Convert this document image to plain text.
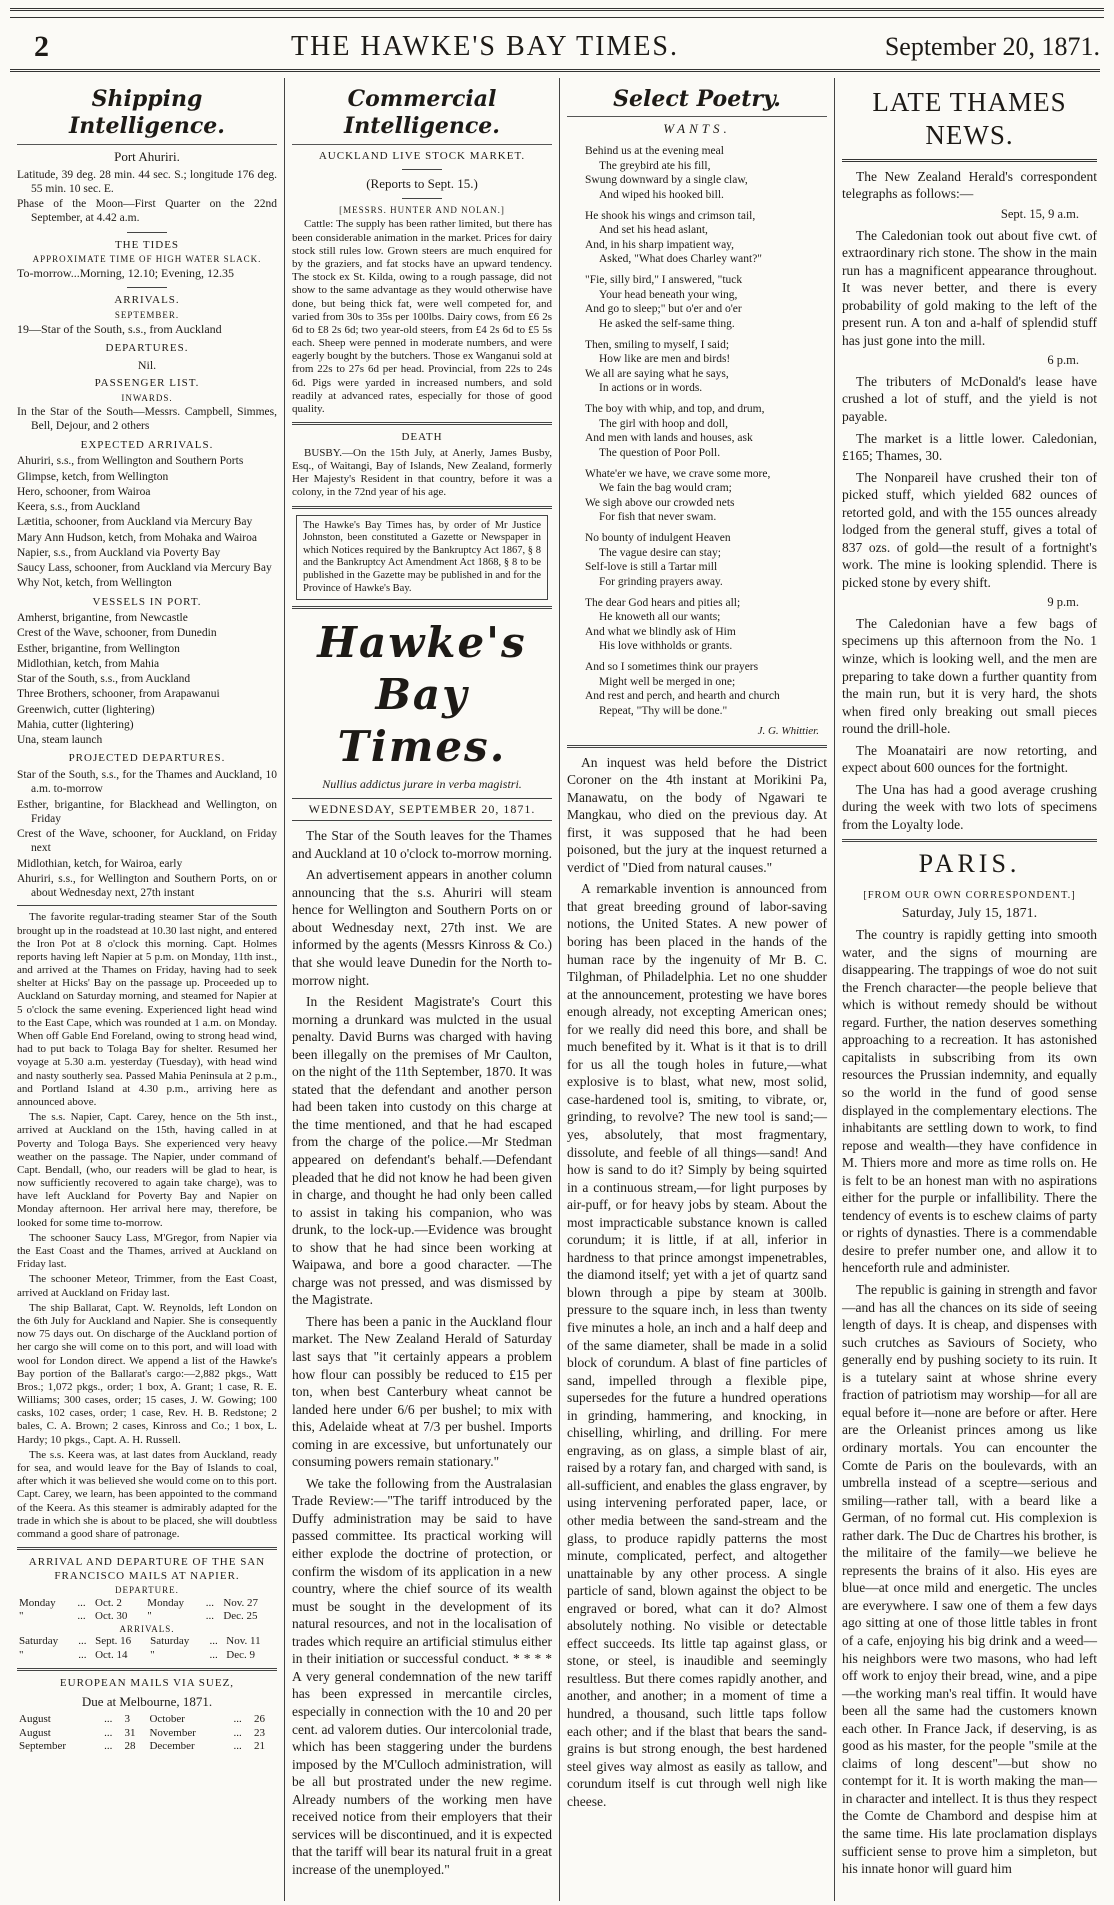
2	THE HAWKE'S BAY TIMES.	September 20, 1871.
Shipping Intelligence.
Port Ahuriri.
Latitude, 39 deg. 28 min. 44 sec. S.; longitude 176 deg. 55 min. 10 sec. E.
Phase of the Moon—First Quarter on the 22nd September, at 4.42 a.m.
THE TIDES
APPROXIMATE TIME OF HIGH WATER SLACK.
To-morrow...Morning, 12.10; Evening, 12.35
ARRIVALS.
SEPTEMBER.
19—Star of the South, s.s., from Auckland
DEPARTURES.
Nil.
PASSENGER LIST.
INWARDS.
In the Star of the South—Messrs. Campbell, Simmes, Bell, Dejour, and 2 others
EXPECTED ARRIVALS.
Ahuriri, s.s., from Wellington and Southern Ports
Glimpse, ketch, from Wellington
Hero, schooner, from Wairoa
Keera, s.s., from Auckland
Lætitia, schooner, from Auckland via Mercury Bay
Mary Ann Hudson, ketch, from Mohaka and Wairoa
Napier, s.s., from Auckland via Poverty Bay
Saucy Lass, schooner, from Auckland via Mercury Bay
Why Not, ketch, from Wellington
VESSELS IN PORT.
Amherst, brigantine, from Newcastle
Crest of the Wave, schooner, from Dunedin
Esther, brigantine, from Wellington
Midlothian, ketch, from Mahia
Star of the South, s.s., from Auckland
Three Brothers, schooner, from Arapawanui
Greenwich, cutter (lightering)
Mahia, cutter (lightering)
Una, steam launch
PROJECTED DEPARTURES.
Star of the South, s.s., for the Thames and Auckland, 10 a.m. to-morrow
Esther, brigantine, for Blackhead and Wellington, on Friday
Crest of the Wave, schooner, for Auckland, on Friday next
Midlothian, ketch, for Wairoa, early
Ahuriri, s.s., for Wellington and Southern Ports, on or about Wednesday next, 27th instant
The favorite regular-trading steamer Star of the South brought up in the roadstead at 10.30 last night, and entered the Iron Pot at 8 o'clock this morning. Capt. Holmes reports having left Napier at 5 p.m. on Monday, 11th inst., and arrived at the Thames on Friday, having had to seek shelter at Hicks' Bay on the passage up. Proceeded up to Auckland on Saturday morning, and steamed for Napier at 5 o'clock the same evening. Experienced light head wind to the East Cape, which was rounded at 1 a.m. on Monday. When off Gable End Foreland, owing to strong head wind, had to put back to Tolaga Bay for shelter. Resumed her voyage at 5.30 a.m. yesterday (Tuesday), with head wind and nasty southerly sea. Passed Mahia Peninsula at 2 p.m., and Portland Island at 4.30 p.m., arriving here as announced above.
The s.s. Napier, Capt. Carey, hence on the 5th inst., arrived at Auckland on the 15th, having called in at Poverty and Tologa Bays. She experienced very heavy weather on the passage. The Napier, under command of Capt. Bendall, (who, our readers will be glad to hear, is now sufficiently recovered to again take charge), was to have left Auckland for Poverty Bay and Napier on Monday afternoon. Her arrival here may, therefore, be looked for some time to-morrow.
The schooner Saucy Lass, M'Gregor, from Napier via the East Coast and the Thames, arrived at Auckland on Friday last.
The schooner Meteor, Trimmer, from the East Coast, arrived at Auckland on Friday last.
The ship Ballarat, Capt. W. Reynolds, left London on the 6th July for Auckland and Napier. She is consequently now 75 days out. On discharge of the Auckland portion of her cargo she will come on to this port, and will load with wool for London direct. We append a list of the Hawke's Bay portion of the Ballarat's cargo:—2,882 pkgs., Watt Bros.; 1,072 pkgs., order; 1 box, A. Grant; 1 case, R. E. Williams; 300 cases, order; 15 cases, J. W. Gowing; 100 casks, 102 cases, order; 1 case, Rev. H. B. Redstone; 2 bales, C. A. Brown; 2 cases, Kinross and Co.; 1 box, L. Hardy; 10 pkgs., Capt. A. H. Russell.
The s.s. Keera was, at last dates from Auckland, ready for sea, and would leave for the Bay of Islands to coal, after which it was believed she would come on to this port. Capt. Carey, we learn, has been appointed to the command of the Keera. As this steamer is admirably adapted for the trade in which she is about to be placed, she will doubtless command a good share of patronage.
ARRIVAL AND DEPARTURE OF THE SAN FRANCISCO MAILS AT NAPIER.
DEPARTURE.
Monday	...	Oct. 2	Monday	...	Nov. 27
"	...	Oct. 30	"	...	Dec. 25
ARRIVALS.
Saturday	...	Sept. 16	Saturday	...	Nov. 11
"	...	Oct. 14	"	...	Dec. 9
EUROPEAN MAILS VIA SUEZ,
Due at Melbourne, 1871.
August	...	3	October	...	26
August	...	31	November	...	23
September	...	28	December	...	21
Commercial Intelligence.
AUCKLAND LIVE STOCK MARKET.
(Reports to Sept. 15.)
[MESSRS. HUNTER AND NOLAN.]
Cattle: The supply has been rather limited, but there has been considerable animation in the market. Prices for dairy stock still rules low. Grown steers are much enquired for by the graziers, and fat stocks have an upward tendency. The stock ex St. Kilda, owing to a rough passage, did not show to the same advantage as they would otherwise have done, but being thick fat, were well competed for, and varied from 30s to 35s per 100lbs. Dairy cows, from £6 2s 6d to £8 2s 6d; two year-old steers, from £4 2s 6d to £5 5s each. Sheep were penned in moderate numbers, and were eagerly bought by the butchers. Those ex Wanganui sold at from 22s to 27s 6d per head. Provincial, from 22s to 24s 6d. Pigs were yarded in increased numbers, and sold readily at advanced rates, especially for those of good quality.
DEATH
BUSBY.—On the 15th July, at Anerly, James Busby, Esq., of Waitangi, Bay of Islands, New Zealand, formerly Her Majesty's Resident in that country, before it was a colony, in the 72nd year of his age.
The Hawke's Bay Times has, by order of Mr Justice Johnston, been constituted a Gazette or Newspaper in which Notices required by the Bankruptcy Act 1867, § 8 and the Bankruptcy Act Amendment Act 1868, § 8 to be published in the Gazette may be published in and for the Province of Hawke's Bay.
Hawke's Bay Times.
Nullius addictus jurare in verba magistri.
WEDNESDAY, SEPTEMBER 20, 1871.
The Star of the South leaves for the Thames and Auckland at 10 o'clock to-morrow morning.
An advertisement appears in another column announcing that the s.s. Ahuriri will steam hence for Wellington and Southern Ports on or about Wednesday next, 27th inst. We are informed by the agents (Messrs Kinross & Co.) that she would leave Dunedin for the North to-morrow night.
In the Resident Magistrate's Court this morning a drunkard was mulcted in the usual penalty. David Burns was charged with having been illegally on the premises of Mr Caulton, on the night of the 11th September, 1870. It was stated that the defendant and another person had been taken into custody on this charge at the time mentioned, and that he had escaped from the charge of the police.—Mr Stedman appeared on defendant's behalf.—Defendant pleaded that he did not know he had been given in charge, and thought he had only been called to assist in taking his companion, who was drunk, to the lock-up.—Evidence was brought to show that he had since been working at Waipawa, and bore a good character. —The charge was not pressed, and was dismissed by the Magistrate.
There has been a panic in the Auckland flour market. The New Zealand Herald of Saturday last says that "it certainly appears a problem how flour can possibly be reduced to £15 per ton, when best Canterbury wheat cannot be landed here under 6/6 per bushel; to mix with this, Adelaide wheat at 7/3 per bushel. Imports coming in are excessive, but unfortunately our consuming powers remain stationary."
We take the following from the Australasian Trade Review:—"The tariff introduced by the Duffy administration may be said to have passed committee. Its practical working will either explode the doctrine of protection, or confirm the wisdom of its application in a new country, where the chief source of its wealth must be sought in the development of its natural resources, and not in the localisation of trades which require an artificial stimulus either in their initiation or successful conduct. * * * * A very general condemnation of the new tariff has been expressed in mercantile circles, especially in connection with the 10 and 20 per cent. ad valorem duties. Our intercolonial trade, which has been staggering under the burdens imposed by the M'Culloch administration, will be all but prostrated under the new regime. Already numbers of the working men have received notice from their employers that their services will be discontinued, and it is expected that the tariff will bear its natural fruit in a great increase of the unemployed."
Select Poetry.
WANTS.
Behind us at the evening meal
The greybird ate his fill,
Swung downward by a single claw,
And wiped his hooked bill.
He shook his wings and crimson tail,
And set his head aslant,
And, in his sharp impatient way,
Asked, "What does Charley want?"
"Fie, silly bird," I answered, "tuck
Your head beneath your wing,
And go to sleep;" but o'er and o'er
He asked the self-same thing.
Then, smiling to myself, I said;
How like are men and birds!
We all are saying what he says,
In actions or in words.
The boy with whip, and top, and drum,
The girl with hoop and doll,
And men with lands and houses, ask
The question of Poor Poll.
Whate'er we have, we crave some more,
We fain the bag would cram;
We sigh above our crowded nets
For fish that never swam.
No bounty of indulgent Heaven
The vague desire can stay;
Self-love is still a Tartar mill
For grinding prayers away.
The dear God hears and pities all;
He knoweth all our wants;
And what we blindly ask of Him
His love withholds or grants.
And so I sometimes think our prayers
Might well be merged in one;
And rest and perch, and hearth and church
Repeat, "Thy will be done."
J. G. Whittier.
An inquest was held before the District Coroner on the 4th instant at Morikini Pa, Manawatu, on the body of Ngawari te Mangkau, who died on the previous day. At first, it was supposed that he had been poisoned, but the jury at the inquest returned a verdict of "Died from natural causes."
A remarkable invention is announced from that great breeding ground of labor-saving notions, the United States. A new power of boring has been placed in the hands of the human race by the ingenuity of Mr B. C. Tilghman, of Philadelphia. Let no one shudder at the announcement, protesting we have bores enough already, not excepting American ones; for we really did need this bore, and shall be much benefited by it. What is it that is to drill for us all the tough holes in future,—what explosive is to blast, what new, most solid, case-hardened tool is, smiting, to vibrate, or, grinding, to revolve? The new tool is sand;—yes, absolutely, that most fragmentary, dissolute, and feeble of all things—sand! And how is sand to do it? Simply by being squirted in a continuous stream,—for light purposes by air-puff, or for heavy jobs by steam. About the most impracticable substance known is called corundum; it is little, if at all, inferior in hardness to that prince amongst impenetrables, the diamond itself; yet with a jet of quartz sand blown through a pipe by steam at 300lb. pressure to the square inch, in less than twenty five minutes a hole, an inch and a half deep and of the same diameter, shall be made in a solid block of corundum. A blast of fine particles of sand, impelled through a flexible pipe, supersedes for the future a hundred operations in grinding, hammering, and knocking, in chiselling, whirling, and drilling. For mere engraving, as on glass, a simple blast of air, raised by a rotary fan, and charged with sand, is all-sufficient, and enables the glass engraver, by using intervening perforated paper, lace, or other media between the sand-stream and the glass, to produce rapidly patterns the most minute, complicated, perfect, and altogether unattainable by any other process. A single particle of sand, blown against the object to be engraved or bored, what can it do? Almost absolutely nothing. No visible or detectable effect succeeds. Its little tap against glass, or stone, or steel, is inaudible and seemingly resultless. But there comes rapidly another, and another, and another; in a moment of time a hundred, a thousand, such little taps follow each other; and if the blast that bears the sand-grains is but strong enough, the best hardened steel gives way almost as easily as tallow, and corundum itself is cut through well nigh like cheese.
LATE THAMES NEWS.
The New Zealand Herald's correspondent telegraphs as follows:—
Sept. 15, 9 a.m.
The Caledonian took out about five cwt. of extraordinary rich stone. The show in the main run has a magnificent appearance throughout. It was never better, and there is every probability of gold making to the left of the present run. A ton and a-half of splendid stuff has just gone into the mill.
6 p.m.
The tributers of McDonald's lease have crushed a lot of stuff, and the yield is not payable.
The market is a little lower. Caledonian, £165; Thames, 30.
The Nonpareil have crushed their ton of picked stuff, which yielded 682 ounces of retorted gold, and with the 155 ounces already lodged from the general stuff, gives a total of 837 ozs. of gold—the result of a fortnight's work. The mine is looking splendid. There is picked stone by every shift.
9 p.m.
The Caledonian have a few bags of specimens up this afternoon from the No. 1 winze, which is looking well, and the men are preparing to take down a further quantity from the main run, but it is very hard, the shots when fired only breaking out small pieces round the drill-hole.
The Moanatairi are now retorting, and expect about 600 ounces for the fortnight.
The Una has had a good average crushing during the week with two lots of specimens from the Loyalty lode.
PARIS.
[FROM OUR OWN CORRESPONDENT.]
Saturday, July 15, 1871.
The country is rapidly getting into smooth water, and the signs of mourning are disappearing. The trappings of woe do not suit the French character—the people believe that which is without remedy should be without regard. Further, the nation deserves something approaching to a recreation. It has astonished capitalists in subscribing from its own resources the Prussian indemnity, and equally so the world in the fund of good sense displayed in the complementary elections. The inhabitants are settling down to work, to find repose and wealth—they have confidence in M. Thiers more and more as time rolls on. He is felt to be an honest man with no aspirations either for the purple or infallibility. There the tendency of events is to eschew claims of party or rights of dynasties. There is a commendable desire to prefer number one, and allow it to henceforth rule and administer.
The republic is gaining in strength and favor—and has all the chances on its side of seeing length of days. It is cheap, and dispenses with such crutches as Saviours of Society, who generally end by pushing society to its ruin. It is a tutelary saint at whose shrine every fraction of patriotism may worship—for all are equal before it—none are before or after. Here are the Orleanist princes among us like ordinary mortals. You can encounter the Comte de Paris on the boulevards, with an umbrella instead of a sceptre—serious and smiling—rather tall, with a beard like a German, of no formal cut. His complexion is rather dark. The Duc de Chartres his brother, is the militaire of the family—we believe he represents the brains of it also. His eyes are blue—at once mild and energetic. The uncles are everywhere. I saw one of them a few days ago sitting at one of those little tables in front of a cafe, enjoying his big drink and a weed—his neighbors were two masons, who had left off work to enjoy their bread, wine, and a pipe—the working man's real tiffin. It would have been all the same had the customers known each other. In France Jack, if deserving, is as good as his master, for the people "smile at the claims of long descent"—but show no contempt for it. It is worth making the man—in character and intellect. It is thus they respect the Comte de Chambord and despise him at the same time. His late proclamation displays sufficient sense to prove him a simpleton, but his innate honor will guard him
